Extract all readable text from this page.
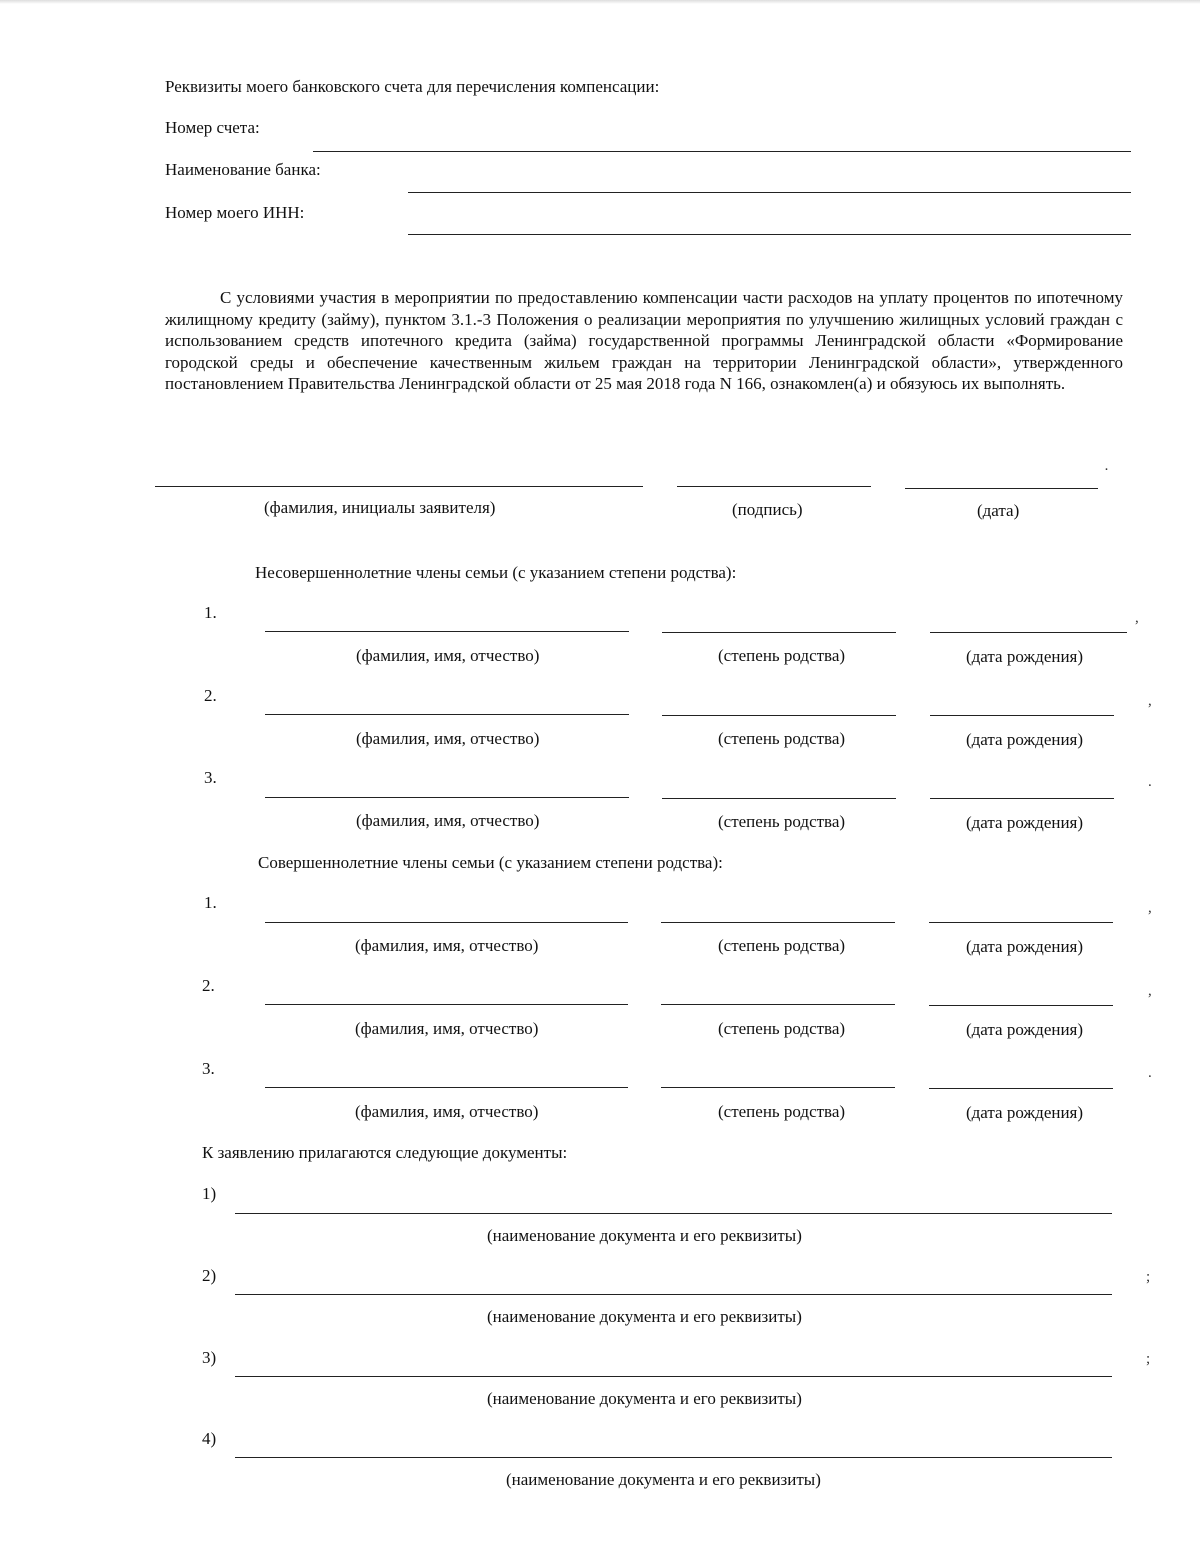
Реквизиты моего банковского счета для перечисления компенсации:
Номер счета:
Наименование банка:
Номер моего ИНН:
С условиями участия в мероприятии по предоставлению компенсации части расходов на уплату процентов по ипотечному жилищному кредиту (займу), пунктом 3.1.-3 Положения о реализации мероприятия по улучшению жилищных условий граждан с использованием средств ипотечного кредита (займа) государственной программы Ленинградской области «Формирование городской среды и обеспечение качественным жильем граждан на территории Ленинградской области», утвержденного постановлением Правительства Ленинградской области от 25 мая 2018 года N 166, ознакомлен(а) и обязуюсь их выполнять.
·
(фамилия, инициалы заявителя)	(подпись)	(дата)
Несовершеннолетние члены семьи (с указанием степени родства):
1.	,
(фамилия, имя, отчество)	(степень родства)	(дата рождения)
2.	,
(фамилия, имя, отчество)	(степень родства)	(дата рождения)
3.	.
(фамилия, имя, отчество)	(степень родства)	(дата рождения)
Совершеннолетние члены семьи (с указанием степени родства):
1.	,
(фамилия, имя, отчество)	(степень родства)	(дата рождения)
2.	,
(фамилия, имя, отчество)	(степень родства)	(дата рождения)
3.	.
(фамилия, имя, отчество)	(степень родства)	(дата рождения)
К заявлению прилагаются следующие документы:
1)
(наименование документа и его реквизиты)
2)	;
(наименование документа и его реквизиты)
3)	;
(наименование документа и его реквизиты)
4)
(наименование документа и его реквизиты)
